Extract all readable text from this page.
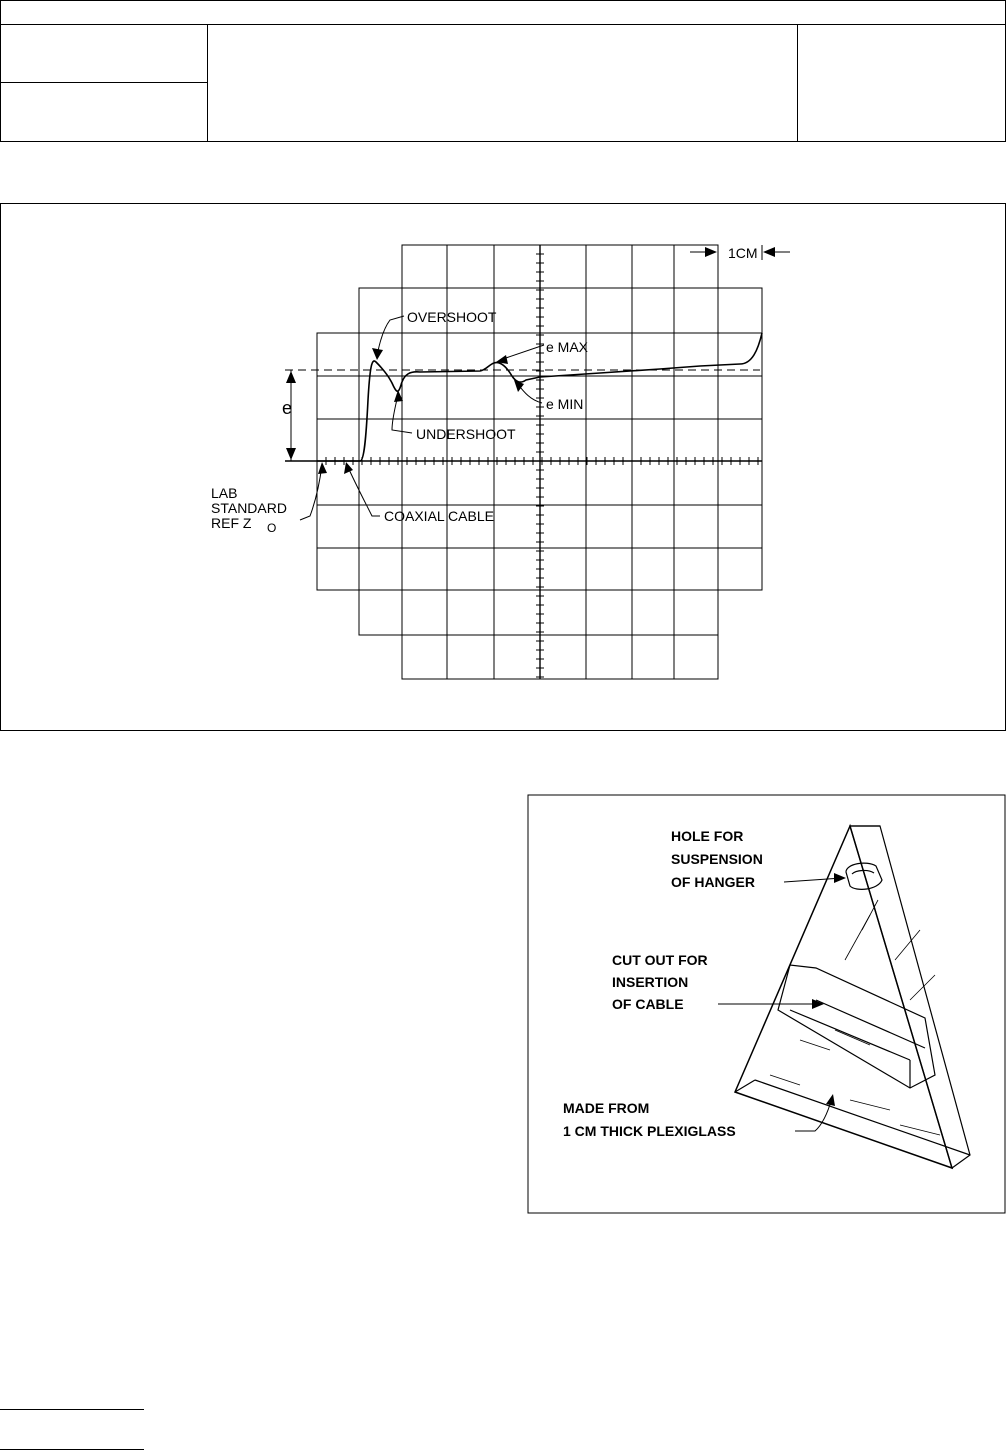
OVERSHOOT
e MAX
e MIN
UNDERSHOOT
e
1CM
LAB
STANDARD
REF Z O
COAXIAL CABLE
HOLE FOR
SUSPENSION
OF HANGER
CUT OUT FOR
INSERTION
OF CABLE
MADE FROM
1 CM THICK PLEXIGLASS
